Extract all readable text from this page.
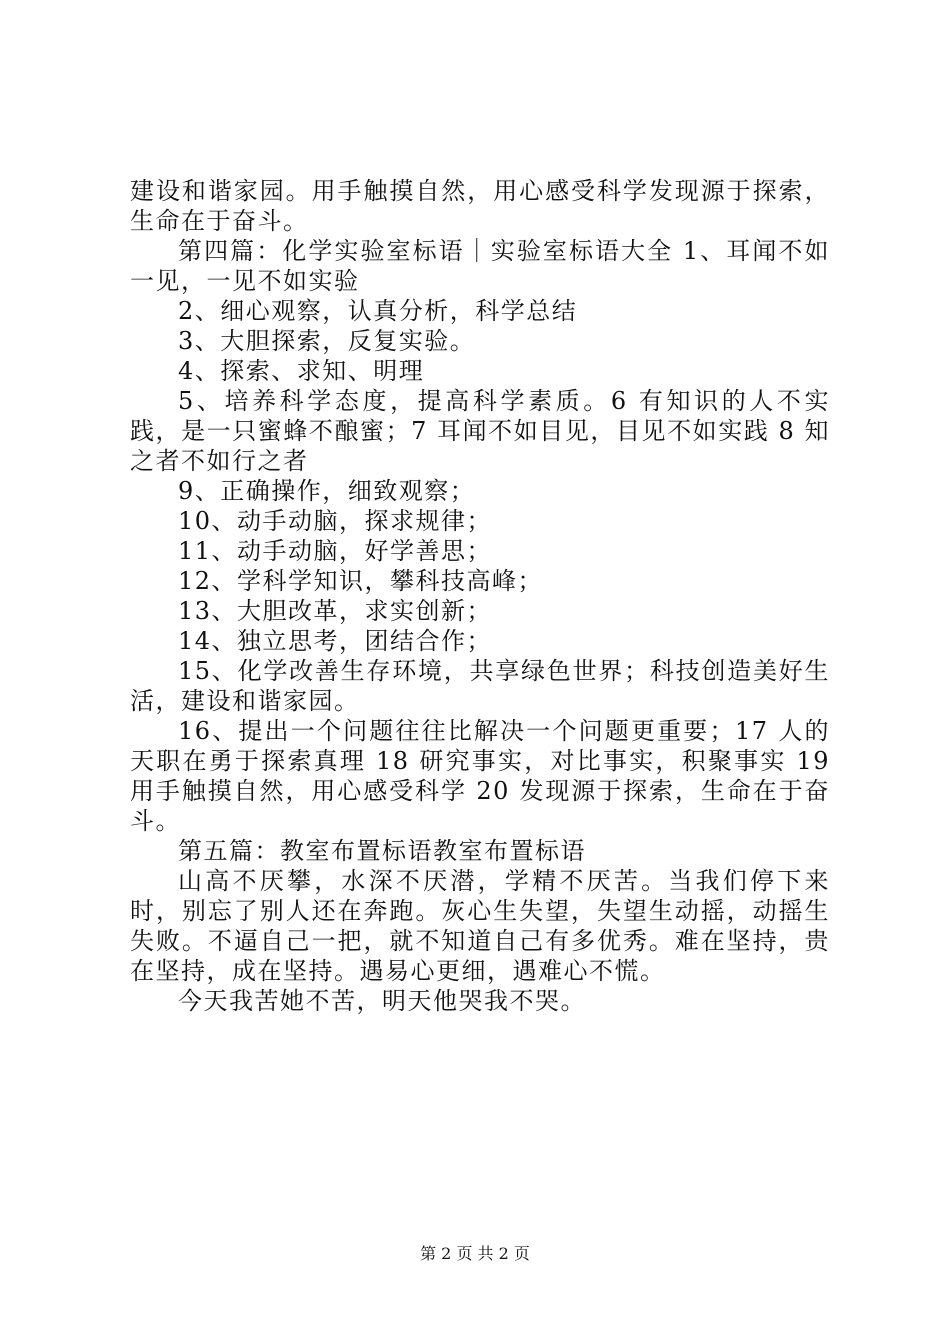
建设和谐家园。用手触摸自然，用心感受科学发现源于探索，生命在于奋斗。

第四篇：化学实验室标语｜实验室标语大全 1、耳闻不如一见，一见不如实验

2、细心观察，认真分析，科学总结

3、大胆探索，反复实验。

4、探索、求知、明理

5、培养科学态度，提高科学素质。6 有知识的人不实践，是一只蜜蜂不酿蜜；7 耳闻不如目见，目见不如实践 8 知之者不如行之者

9、正确操作，细致观察；

10、动手动脑，探求规律；

11、动手动脑，好学善思；

12、学科学知识，攀科技高峰；

13、大胆改革，求实创新；

14、独立思考，团结合作；

15、化学改善生存环境，共享绿色世界；科技创造美好生活，建设和谐家园。

16、提出一个问题往往比解决一个问题更重要；17 人的天职在勇于探索真理 18 研究事实，对比事实，积聚事实 19 用手触摸自然，用心感受科学 20 发现源于探索，生命在于奋斗。

第五篇：教室布置标语教室布置标语

山高不厌攀，水深不厌潜，学精不厌苦。当我们停下来时，别忘了别人还在奔跑。灰心生失望，失望生动摇，动摇生失败。不逼自己一把，就不知道自己有多优秀。难在坚持，贵在坚持，成在坚持。遇易心更细，遇难心不慌。

今天我苦她不苦，明天他哭我不哭。

第 2 页 共 2 页
